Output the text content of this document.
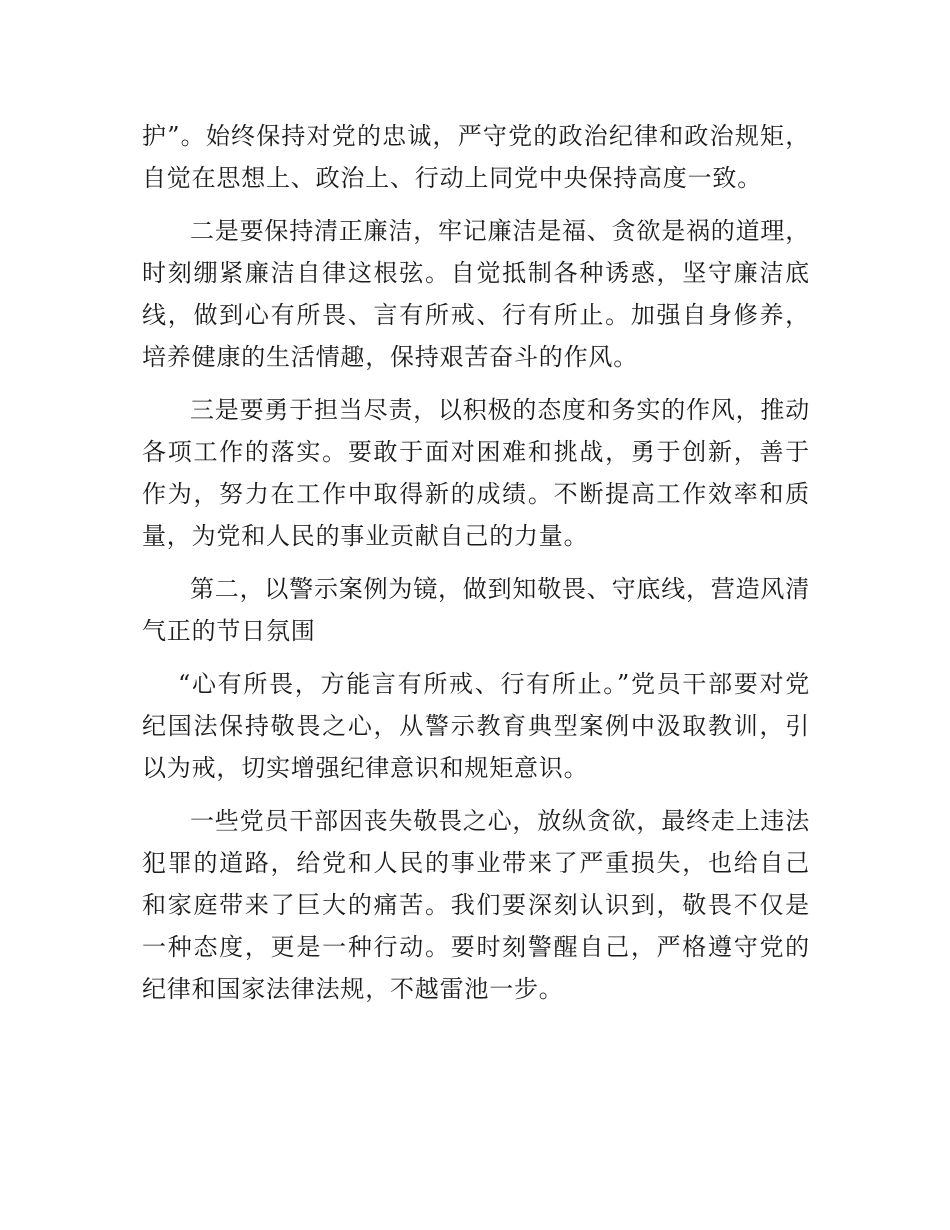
护”。始终保持对党的忠诚，严守党的政治纪律和政治规矩，自觉在思想上、政治上、行动上同党中央保持高度一致。

二是要保持清正廉洁，牢记廉洁是福、贪欲是祸的道理，时刻绷紧廉洁自律这根弦。自觉抵制各种诱惑，坚守廉洁底线，做到心有所畏、言有所戒、行有所止。加强自身修养，培养健康的生活情趣，保持艰苦奋斗的作风。

三是要勇于担当尽责，以积极的态度和务实的作风，推动各项工作的落实。要敢于面对困难和挑战，勇于创新，善于作为，努力在工作中取得新的成绩。不断提高工作效率和质量，为党和人民的事业贡献自己的力量。

第二，以警示案例为镜，做到知敬畏、守底线，营造风清气正的节日氛围

“心有所畏，方能言有所戒、行有所止。”党员干部要对党纪国法保持敬畏之心，从警示教育典型案例中汲取教训，引以为戒，切实增强纪律意识和规矩意识。

一些党员干部因丧失敬畏之心，放纵贪欲，最终走上违法犯罪的道路，给党和人民的事业带来了严重损失，也给自己和家庭带来了巨大的痛苦。我们要深刻认识到，敬畏不仅是一种态度，更是一种行动。要时刻警醒自己，严格遵守党的纪律和国家法律法规，不越雷池一步。
